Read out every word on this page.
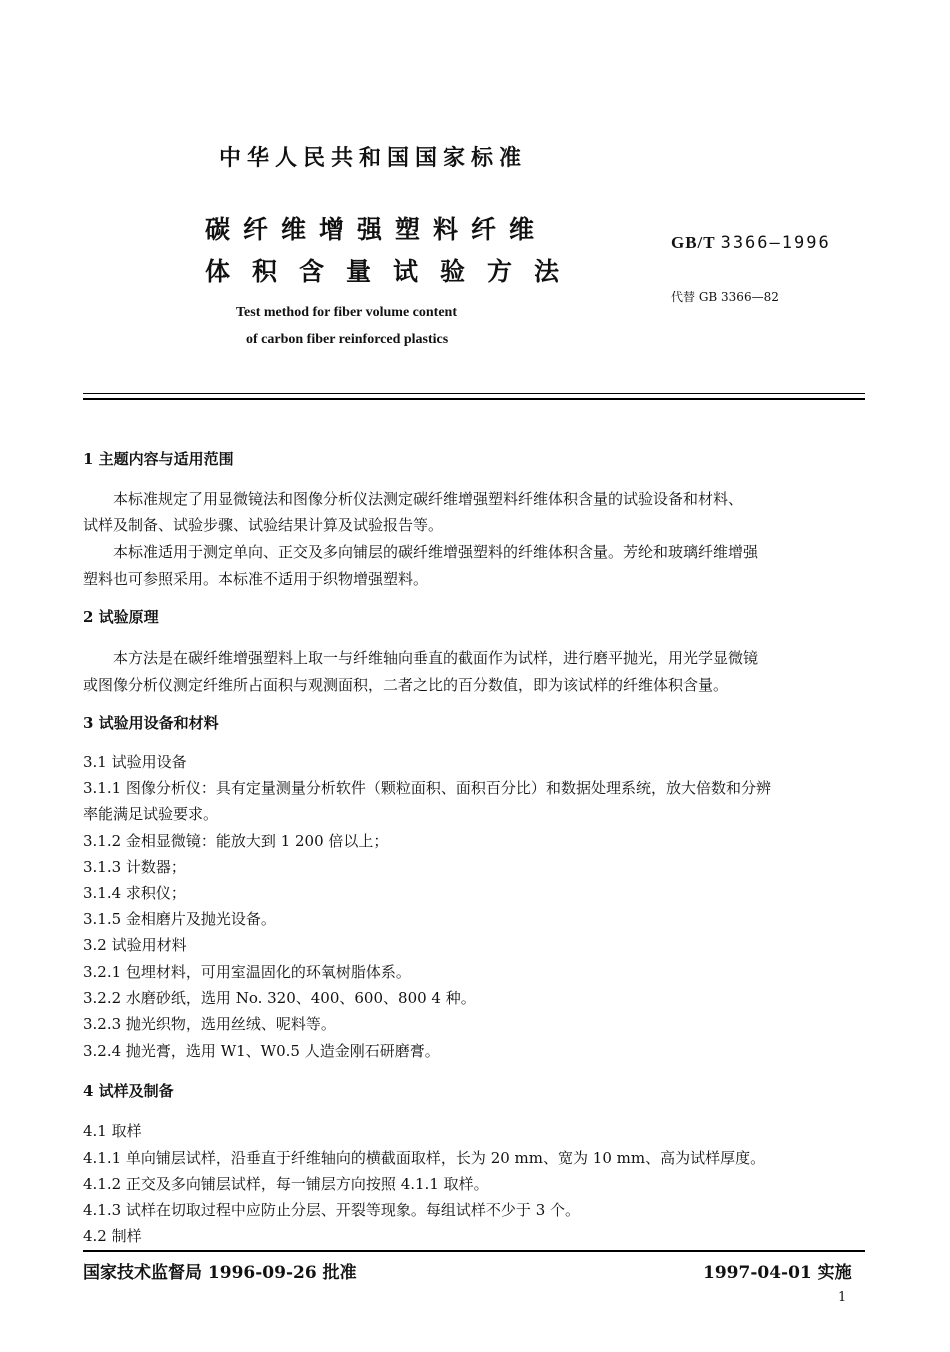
中华人民共和国国家标准
碳纤维增强塑料纤维
体积含量试验方法
Test method for fiber volume content
of carbon fiber reinforced plastics
GB/T 3366—1996
代替 GB 3366—82
1 主题内容与适用范围
本标准规定了用显微镜法和图像分析仪法测定碳纤维增强塑料纤维体积含量的试验设备和材料、
试样及制备、试验步骤、试验结果计算及试验报告等。
本标准适用于测定单向、正交及多向铺层的碳纤维增强塑料的纤维体积含量。芳纶和玻璃纤维增强
塑料也可参照采用。本标准不适用于织物增强塑料。
2 试验原理
本方法是在碳纤维增强塑料上取一与纤维轴向垂直的截面作为试样，进行磨平抛光，用光学显微镜
或图像分析仪测定纤维所占面积与观测面积，二者之比的百分数值，即为该试样的纤维体积含量。
3 试验用设备和材料
3.1 试验用设备
3.1.1 图像分析仪：具有定量测量分析软件（颗粒面积、面积百分比）和数据处理系统，放大倍数和分辨
率能满足试验要求。
3.1.2 金相显微镜：能放大到 1 200 倍以上；
3.1.3 计数器；
3.1.4 求积仪；
3.1.5 金相磨片及抛光设备。
3.2 试验用材料
3.2.1 包埋材料，可用室温固化的环氧树脂体系。
3.2.2 水磨砂纸，选用 No. 320、400、600、800 4 种。
3.2.3 抛光织物，选用丝绒、呢料等。
3.2.4 抛光膏，选用 W1、W0.5 人造金刚石研磨膏。
4 试样及制备
4.1 取样
4.1.1 单向铺层试样，沿垂直于纤维轴向的横截面取样，长为 20 mm、宽为 10 mm、高为试样厚度。
4.1.2 正交及多向铺层试样，每一铺层方向按照 4.1.1 取样。
4.1.3 试样在切取过程中应防止分层、开裂等现象。每组试样不少于 3 个。
4.2 制样
国家技术监督局 1996-09-26 批准	1997-04-01 实施
1
